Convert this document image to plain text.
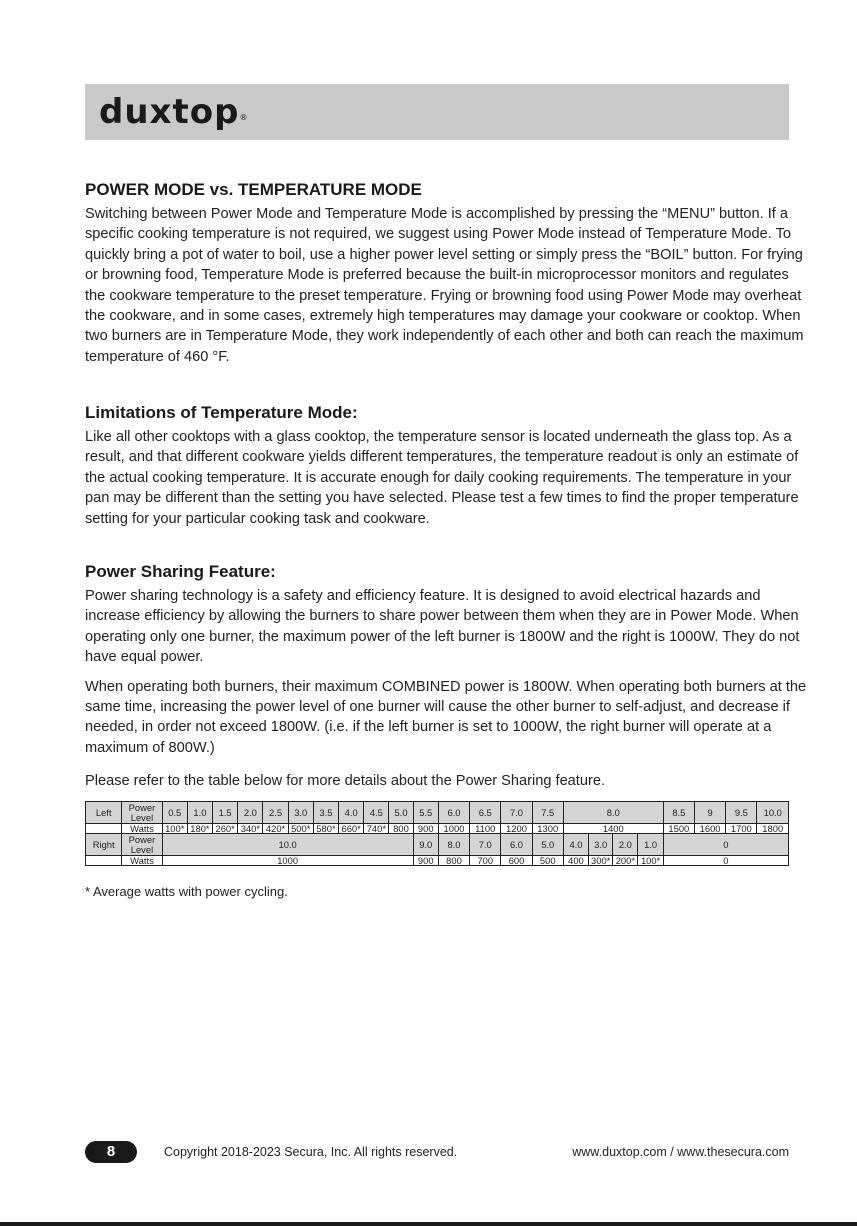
duxtop®
POWER MODE vs. TEMPERATURE MODE

Switching between Power Mode and Temperature Mode is accomplished by pressing the “MENU” button. If a specific cooking temperature is not required, we suggest using Power Mode instead of Temperature Mode. To quickly bring a pot of water to boil, use a higher power level setting or simply press the “BOIL” button. For frying or browning food, Temperature Mode is preferred because the built-in microprocessor monitors and regulates the cookware temperature to the preset temperature. Frying or browning food using Power Mode may overheat the cookware, and in some cases, extremely high temperatures may damage your cookware or cooktop. When two burners are in Temperature Mode, they work independently of each other and both can reach the maximum temperature of 460 °F.

Limitations of Temperature Mode:

Like all other cooktops with a glass cooktop, the temperature sensor is located underneath the glass top. As a result, and that different cookware yields different temperatures, the temperature readout is only an estimate of the actual cooking temperature. It is accurate enough for daily cooking requirements. The temperature in your pan may be different than the setting you have selected. Please test a few times to find the proper temperature setting for your particular cooking task and cookware.

Power Sharing Feature:

Power sharing technology is a safety and efficiency feature. It is designed to avoid electrical hazards and increase efficiency by allowing the burners to share power between them when they are in Power Mode. When operating only one burner, the maximum power of the left burner is 1800W and the right is 1000W. They do not have equal power.

When operating both burners, their maximum COMBINED power is 1800W. When operating both burners at the same time, increasing the power level of one burner will cause the other burner to self-adjust, and decrease if needed, in order not exceed 1800W. (i.e. if the left burner is set to 1000W, the right burner will operate at a maximum of 800W.)

Please refer to the table below for more details about the Power Sharing feature.

Left	Power Level	0.5	1.0	1.5	2.0	2.5	3.0	3.5	4.0	4.5	5.0	5.5	6.0	6.5	7.0	7.5	8.0				8.5	9	9.5	10.0
	Watts	100*	180*	260*	340*	420*	500*	580*	660*	740*	800	900	1000	1100	1200	1300	1400				1500	1600	1700	1800
Right	Power Level	10.0										9.0	8.0	7.0	6.0	5.0	4.0	3.0	2.0	1.0	0			
	Watts	1000										900	800	700	600	500	400	300*	200*	100*	0			
* Average watts with power cycling.
8	Copyright 2018-2023 Secura, Inc. All rights reserved.	www.duxtop.com / www.thesecura.com
